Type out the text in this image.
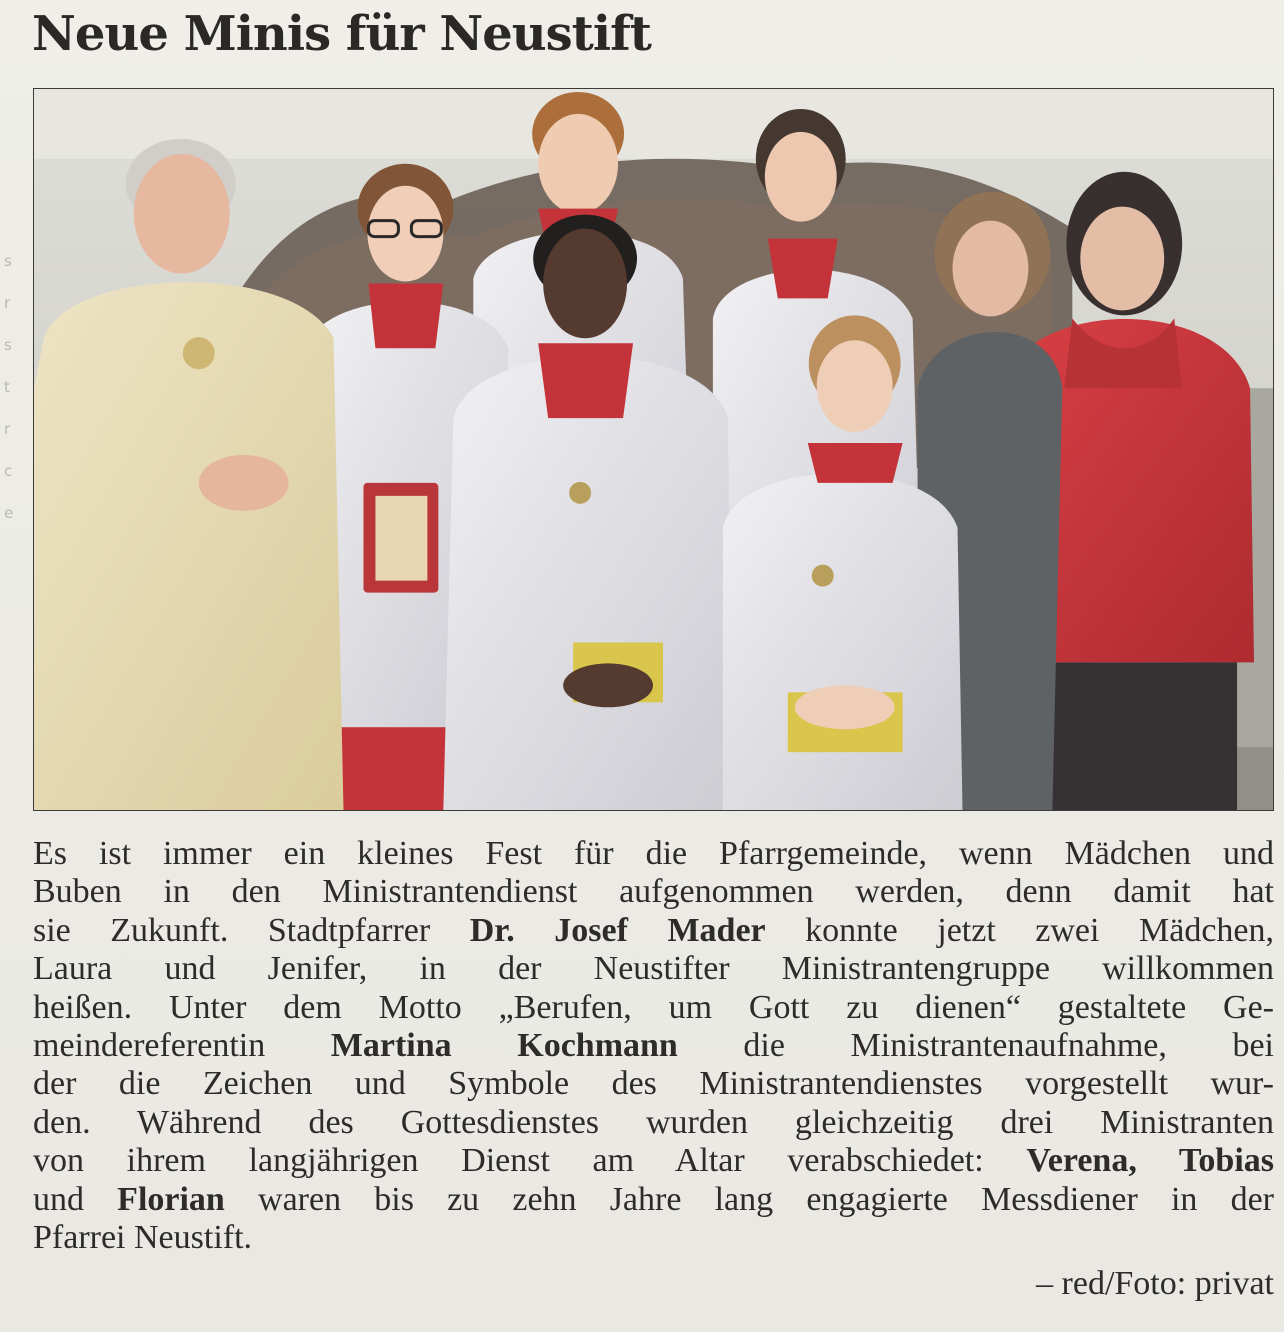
s
r
s
t
r
c
e
Neue Minis für Neustift
Es ist immer ein kleines Fest für die Pfarrgemeinde, wenn Mädchen und
Buben in den Ministrantendienst aufgenommen werden, denn damit hat
sie Zukunft. Stadtpfarrer Dr. Josef Mader konnte jetzt zwei Mädchen,
Laura und Jenifer, in der Neustifter Ministrantengruppe willkommen
heißen. Unter dem Motto „Berufen, um Gott zu dienen“ gestaltete Ge-
meindereferentin Martina Kochmann die Ministrantenaufnahme, bei
der die Zeichen und Symbole des Ministrantendienstes vorgestellt wur-
den. Während des Gottesdienstes wurden gleichzeitig drei Ministranten
von ihrem langjährigen Dienst am Altar verabschiedet: Verena, Tobias
und Florian waren bis zu zehn Jahre lang engagierte Messdiener in der
Pfarrei Neustift.
– red/Foto: privat
